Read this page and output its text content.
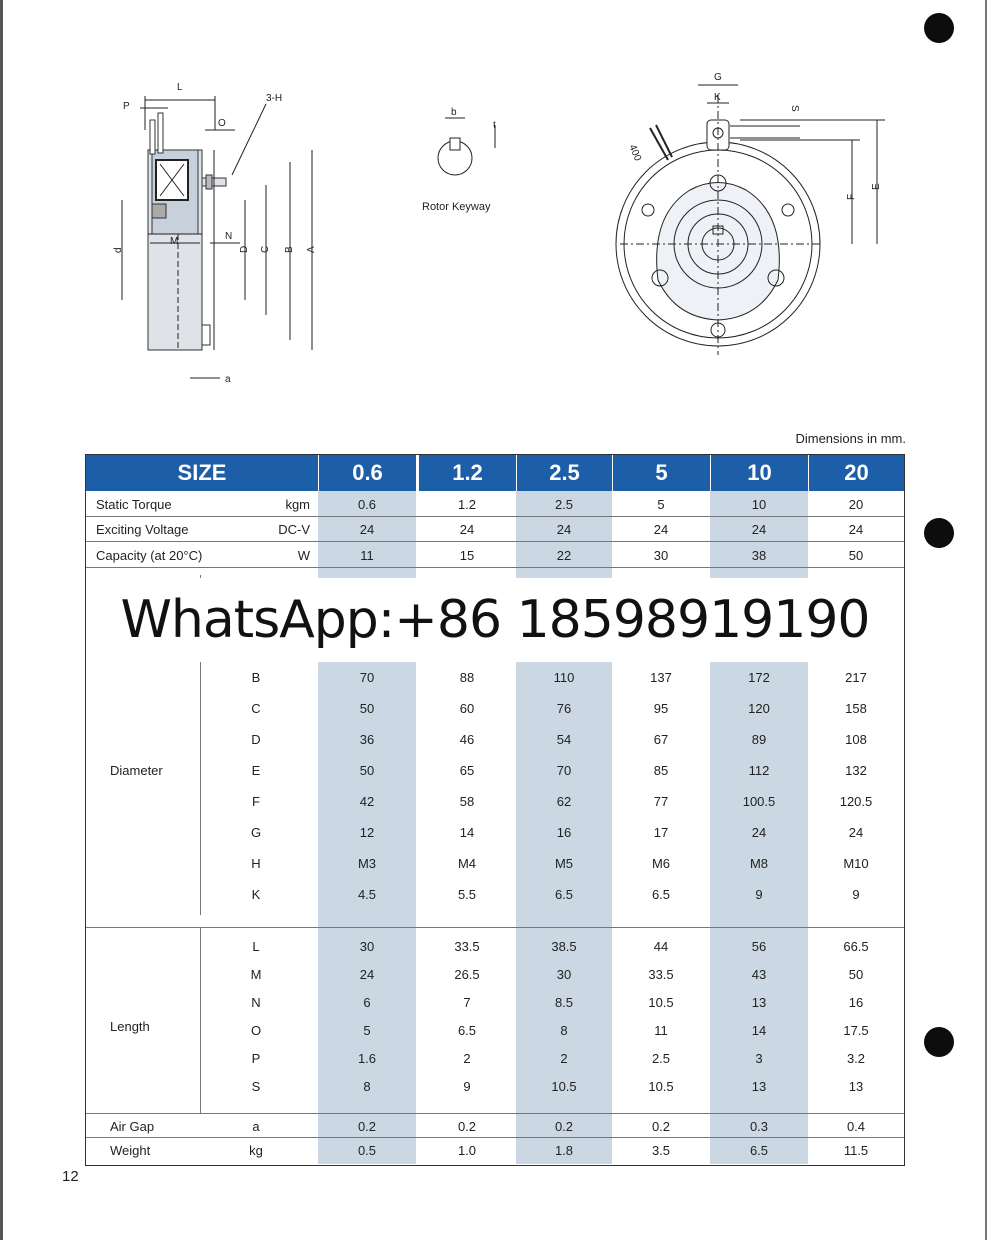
P
L
3-H
O
M	N
d	D C B A
a
b
t
Rotor Keyway
G
K
S
F
E
400
Dimensions in mm.
SIZE	0.6	1.2	2.5	5	10	20
Static Torque	kgm	0.6	1.2	2.5	5	10	20
Exciting Voltage	DC-V	24	24	24	24	24	24
Capacity (at 20°C)	W	11	15	22	30	38	50
Diameter
B	70	88	110	137	172	217
C	50	60	76	95	120	158
D	36	46	54	67	89	108
E	50	65	70	85	112	132
F	42	58	62	77	100.5	120.5
G	12	14	16	17	24	24
H	M3	M4	M5	M6	M8	M10
K	4.5	5.5	6.5	6.5	9	9
Length
L	30	33.5	38.5	44	56	66.5
M	24	26.5	30	33.5	43	50
N	6	7	8.5	10.5	13	16
O	5	6.5	8	11	14	17.5
P	1.6	2	2	2.5	3	3.2
S	8	9	10.5	10.5	13	13
Air Gap	a	0.2	0.2	0.2	0.2	0.3	0.4
Weight	kg	0.5	1.0	1.8	3.5	6.5	11.5
WhatsApp:+86 18598919190
12
